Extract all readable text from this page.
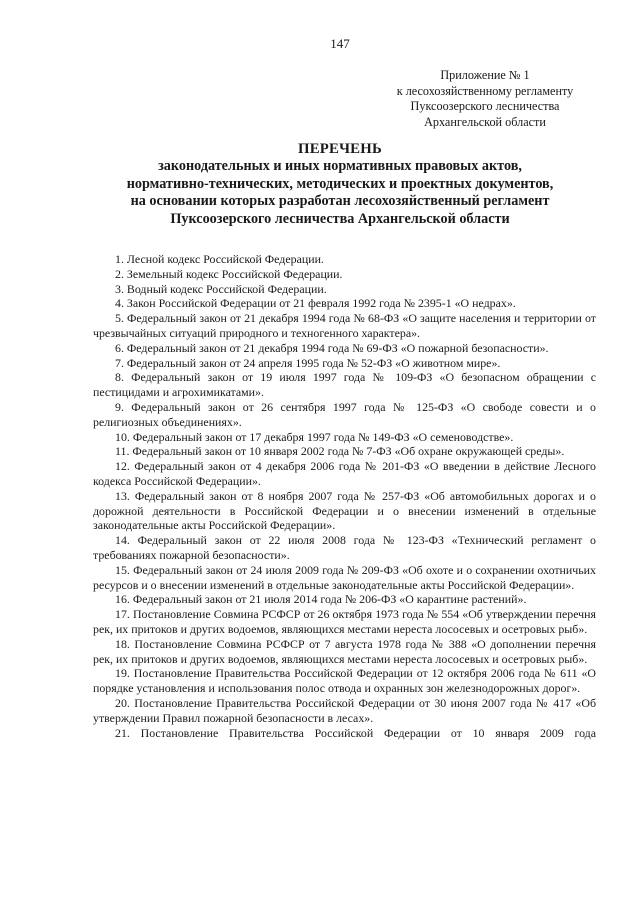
147
Приложение № 1
к лесохозяйственному регламенту
Пуксоозерского лесничества
Архангельской области
ПЕРЕЧЕНЬ
законодательных и иных нормативных правовых актов,
нормативно-технических, методических и проектных документов,
на основании которых разработан лесохозяйственный регламент
Пуксоозерского лесничества Архангельской области

1. Лесной кодекс Российской Федерации.

2. Земельный кодекс Российской Федерации.

3. Водный кодекс Российской Федерации.

4. Закон Российской Федерации от 21 февраля 1992 года № 2395-1 «О недрах».

5. Федеральный закон от 21 декабря 1994 года № 68-ФЗ «О защите населения и территории от чрезвычайных ситуаций природного и техногенного характера».

6. Федеральный закон от 21 декабря 1994 года № 69-ФЗ «О пожарной безопасности».

7. Федеральный закон от 24 апреля 1995 года № 52-ФЗ «О животном мире».

8. Федеральный закон от 19 июля 1997 года № 109-ФЗ «О безопасном обращении с пестицидами и агрохимикатами».

9. Федеральный закон от 26 сентября 1997 года № 125-ФЗ «О свободе совести и о религиозных объединениях».

10. Федеральный закон от 17 декабря 1997 года № 149-ФЗ «О семеноводстве».

11. Федеральный закон от 10 января 2002 года № 7-ФЗ «Об охране окружающей среды».

12. Федеральный закон от 4 декабря 2006 года № 201-ФЗ «О введении в действие Лесного кодекса Российской Федерации».

13. Федеральный закон от 8 ноября 2007 года № 257-ФЗ «Об автомобильных дорогах и о дорожной деятельности в Российской Федерации и о внесении изменений в отдельные законодательные акты Российской Федерации».

14. Федеральный закон от 22 июля 2008 года № 123-ФЗ «Технический регламент о требованиях пожарной безопасности».

15. Федеральный закон от 24 июля 2009 года № 209-ФЗ «Об охоте и о сохранении охотничьих ресурсов и о внесении изменений в отдельные законодательные акты Российской Федерации».

16. Федеральный закон от 21 июля 2014 года № 206-ФЗ «О карантине растений».

17. Постановление Совмина РСФСР от 26 октября 1973 года № 554 «Об утверждении перечня рек, их притоков и других водоемов, являющихся местами нереста лососевых и осетровых рыб».

18. Постановление Совмина РСФСР от 7 августа 1978 года № 388 «О дополнении перечня рек, их притоков и других водоемов, являющихся местами нереста лососевых и осетровых рыб».

19. Постановление Правительства Российской Федерации от 12 октября 2006 года № 611 «О порядке установления и использования полос отвода и охранных зон железнодорожных дорог».

20. Постановление Правительства Российской Федерации от 30 июня 2007 года № 417 «Об утверждении Правил пожарной безопасности в лесах».

21. Постановление Правительства Российской Федерации от 10 января 2009 года
